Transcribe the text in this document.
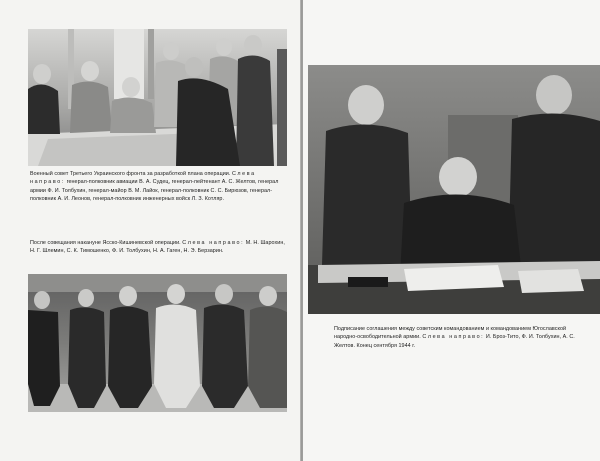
Военный совет Третьего Украинского фронта за разработкой плана операции. Слева направо: генерал-полковник авиации В. А. Судец, генерал-лейтенант А. С. Желтов, генерал армии Ф. И. Толбухин, генерал-майор В. М. Лайок, генерал-полковник С. С. Бирюзов, генерал-полковник А. И. Леонов, генерал-полковник инженерных войск Л. З. Котляр.

После совещания накануне Ясско-Кишиневской операции. Слева направо: М. Н. Шарохин, Н. Г. Шлемин, С. К. Тимошенко, Ф. И. Толбухин, Н. А. Гаген, Н. Э. Берзарин.

Подписание соглашения между советским командованием и командованием Югославской народно-освободительной армии. Слева направо: И. Броз-Тито, Ф. И. Толбухин, А. С. Желтов. Конец сентября 1944 г.
